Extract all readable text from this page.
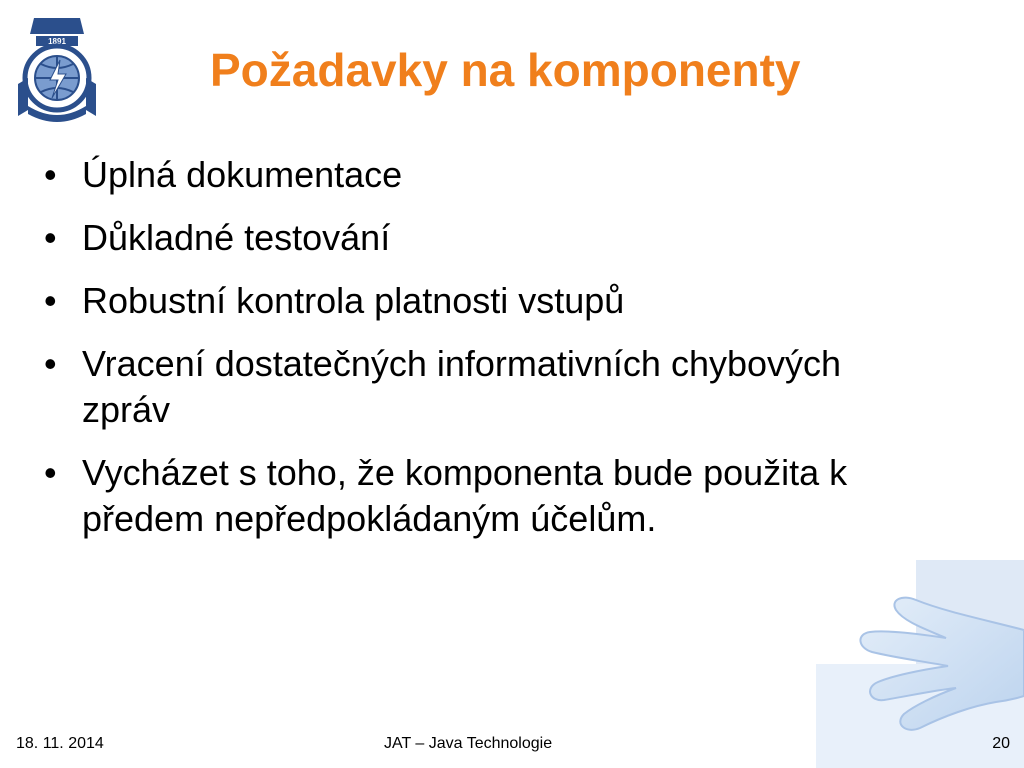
1891
Požadavky na komponenty
• Úplná dokumentace
• Důkladné testování
• Robustní kontrola platnosti vstupů
• Vracení dostatečných informativních chybových zpráv
• Vycházet s toho, že komponenta bude použita k předem nepředpokládaným účelům.
18. 11. 2014	JAT – Java Technologie	20
